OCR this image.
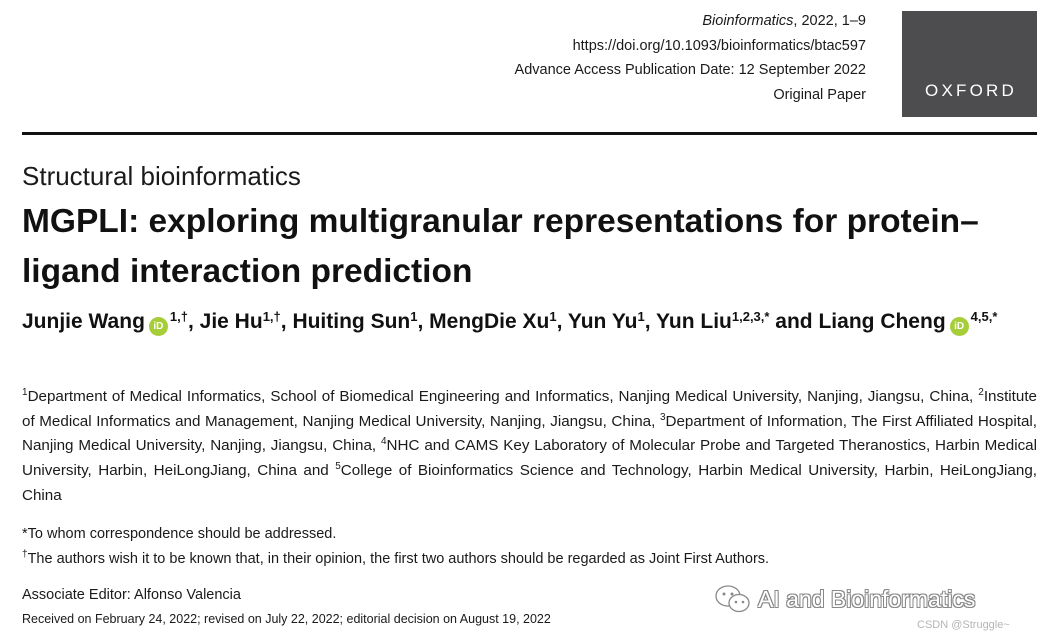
Bioinformatics, 2022, 1–9
https://doi.org/10.1093/bioinformatics/btac597
Advance Access Publication Date: 12 September 2022
Original Paper	OXFORD
Structural bioinformatics
MGPLI: exploring multigranular representations for protein–ligand interaction prediction
Junjie Wang $iD^{1,\dagger}$, Jie $Hu^{1,\dagger}$, Huiting Sun$^1$, MengDie Xu$^1$, Yun Yu$^1$, Yun Liu$^{1,2,3,*}$ and Liang Cheng $iD^{4,5,*}$
$^1$Department of Medical Informatics, School of Biomedical Engineering and Informatics, Nanjing Medical University, Nanjing, Jiangsu, China, $^2$Institute of Medical Informatics and Management, Nanjing Medical University, Nanjing, Jiangsu, China, $^3$Department of Information, The First Affiliated Hospital, Nanjing Medical University, Nanjing, Jiangsu, China, $^4$NHC and CAMS Key Laboratory of Molecular Probe and Targeted Theranostics, Harbin Medical University, Harbin, HeiLongJiang, China and $^5$College of Bioinformatics Science and Technology, Harbin Medical University, Harbin, HeiLongJiang, China
*To whom correspondence should be addressed.
†The authors wish it to be known that, in their opinion, the first two authors should be regarded as Joint First Authors.
Associate Editor: Alfonso Valencia
Received on February 24, 2022; revised on July 22, 2022; editorial decision on August 19, 2022
AI and Bioinformatics
CSDN @Struggle~
